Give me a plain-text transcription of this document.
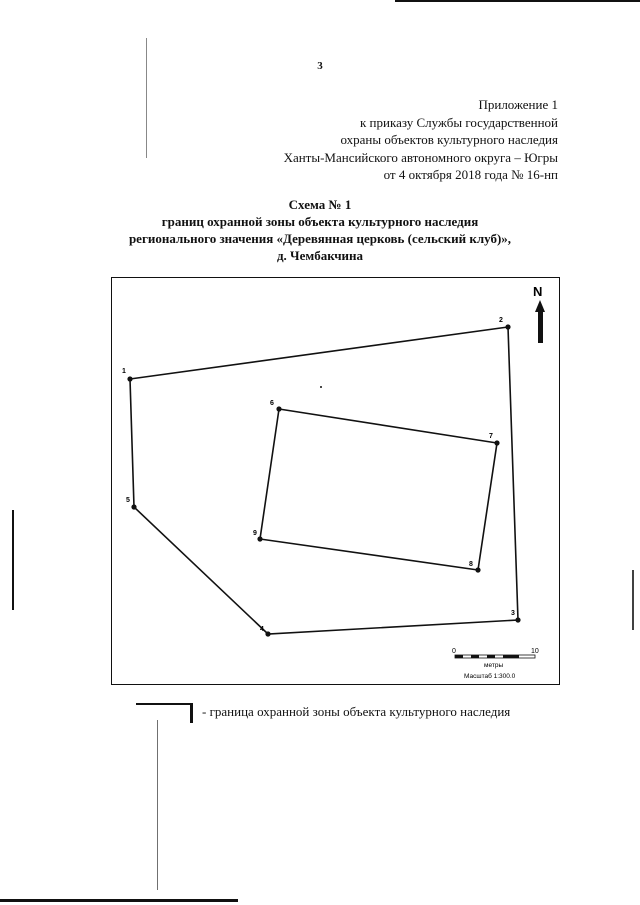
3
Приложение 1
к приказу Службы государственной
охраны объектов культурного наследия
Ханты-Мансийского автономного округа – Югры
от 4 октября 2018 года № 16-нп
Схема № 1
границ охранной зоны объекта культурного наследия
регионального значения «Деревянная церковь (сельский клуб)»,
д. Чембакчина
1
2
3
4
5
6
7
8
9
N
0	10
метры
Масштаб 1:300.0
- граница охранной зоны объекта культурного наследия
